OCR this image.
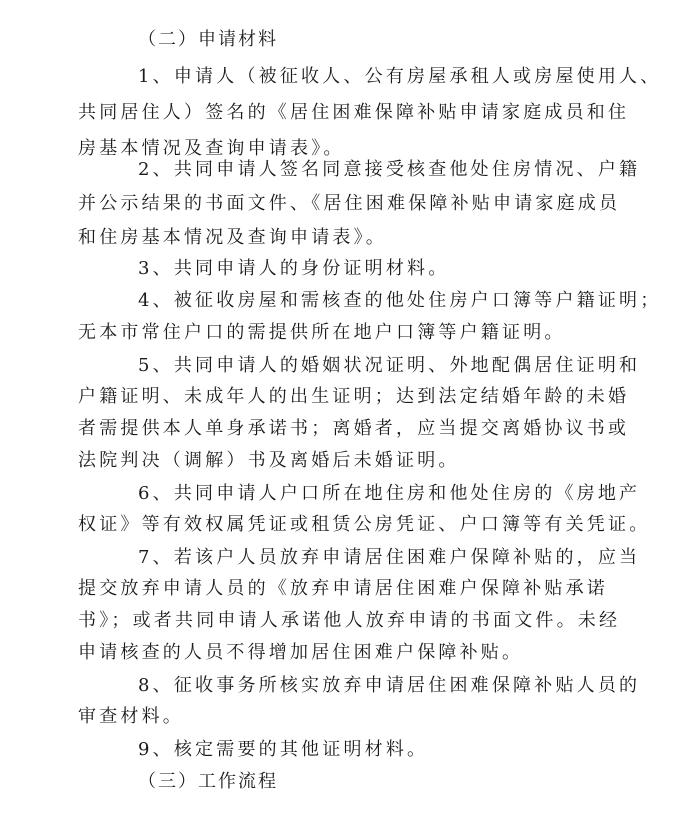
（二）申请材料
1、申请人（被征收人、公有房屋承租人或房屋使用人、
共同居住人）签名的《居住困难保障补贴申请家庭成员和住
房基本情况及查询申请表》。
2、共同申请人签名同意接受核查他处住房情况、户籍
并公示结果的书面文件、《居住困难保障补贴申请家庭成员
和住房基本情况及查询申请表》。
3、共同申请人的身份证明材料。
4、被征收房屋和需核查的他处住房户口簿等户籍证明；
无本市常住户口的需提供所在地户口簿等户籍证明。
5、共同申请人的婚姻状况证明、外地配偶居住证明和
户籍证明、未成年人的出生证明；达到法定结婚年龄的未婚
者需提供本人单身承诺书；离婚者，应当提交离婚协议书或
法院判决（调解）书及离婚后未婚证明。
6、共同申请人户口所在地住房和他处住房的《房地产
权证》等有效权属凭证或租赁公房凭证、户口簿等有关凭证。
7、若该户人员放弃申请居住困难户保障补贴的，应当
提交放弃申请人员的《放弃申请居住困难户保障补贴承诺
书》；或者共同申请人承诺他人放弃申请的书面文件。未经
申请核查的人员不得增加居住困难户保障补贴。
8、征收事务所核实放弃申请居住困难保障补贴人员的
审查材料。
9、核定需要的其他证明材料。
（三）工作流程
